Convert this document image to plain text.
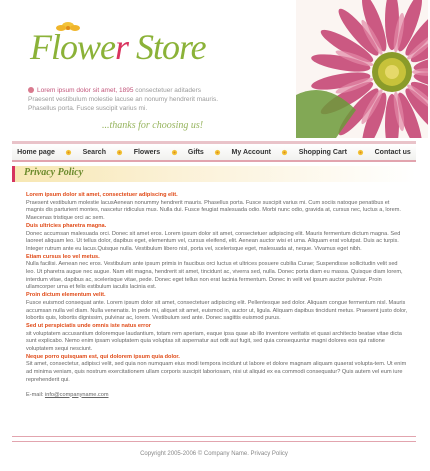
Flower Store
Lorem ipsum dolor sit amet, 1895 consectetuer aditaders
Praesent vestibulum molestie lacuse an nonumy hendrerit mauris.
Phasellus porta. Fusce suscipit varius mi.
...thanks for choosing us!
Home page	Search	Flowers	Gifts	My Account	Shopping Cart	Contact us
Privacy Policy
Lorem ipsum dolor sit amet, consectetuer adipiscing elit.
Praesent vestibulum molestie lacusAenean nonummy hendrerit mauris. Phasellus porta. Fusce suscipit varius mi. Cum sociis natoque penatibus et magnis dis parturient montes, nascetur ridiculus mus. Nulla dui. Fusce feugiat malesuada odio. Morbi nunc odio, gravida at, cursus nec, luctus a, lorem. Maecenas tristique orci ac sem.
Duis ultricies pharetra magna.
Donec accumsan malesuada orci. Donec sit amet eros. Lorem ipsum dolor sit amet, consectetuer adipiscing elit. Mauris fermentum dictum magna. Sed laoreet aliquam leo. Ut tellus dolor, dapibus eget, elementum vel, cursus eleifend, elit. Aenean auctor wisi et urna. Aliquam erat volutpat. Duis ac turpis. Integer rutrum ante eu lacus.Quisque nulla. Vestibulum libero nisl, porta vel, scelerisque eget, malesuada at, neque. Vivamus eget nibh.
Etiam cursus leo vel metus.
Nulla facilisi. Aenean nec eros. Vestibulum ante ipsum primis in faucibus orci luctus et ultrices posuere cubilia Curae; Suspendisse sollicitudin velit sed leo. Ut pharetra augue nec augue. Nam elit magna, hendrerit sit amet, tincidunt ac, viverra sed, nulla. Donec porta diam eu massa. Quisque diam lorem, interdum vitae, dapibus ac, scelerisque vitae, pede. Donec eget tellus non erat lacinia fermentum. Donec in velit vel ipsum auctor pulvinar. Proin ullamcorper urna et felis estibulum iaculis lacinia est.
Proin dictum elementum velit.
Fusce euismod consequat ante. Lorem ipsum dolor sit amet, consectetuer adipiscing elit. Pellentesque sed dolor. Aliquam congue fermentum nisl. Mauris accumsan nulla vel diam. Nulla venenatis. In pede mi, aliquet sit amet, euismod in, auctor ut, ligula. Aliquam dapibus tincidunt metus. Praesent justo dolor, lobortis quis, lobortis dignissim, pulvinar ac, lorem. Vestibulum sed ante. Donec sagittis euismod purus.
Sed ut perspiciatis unde omnis iste natus error
sit voluptatem accusantium doloremque laudantium, totam rem aperiam, eaque ipsa quae ab illo inventore veritatis et quasi architecto beatae vitae dicta sunt explicabo. Nemo enim ipsam voluptatem quia voluptas sit aspernatur aut odit aut fugit, sed quia consequuntur magni dolores eos qui ratione voluptatem sequi nesciunt.
Neque porro quisquam est, qui dolorem ipsum quia dolor.
Sit amet, consectetur, adipisci velit, sed quia non numquam eius modi tempora incidunt ut labore et dolore magnam aliquam quaerat volupta-tem. Ut enim ad minima veniam, quis nostrum exercitationem ullam corporis suscipit laboriosam, nisi ut aliquid ex ea commodi consequatur? Quis autem vel eum iure reprehenderit qui.
E-mail: info@companyname.com
Copyright 2005-2006 © Company Name. Privacy Policy
